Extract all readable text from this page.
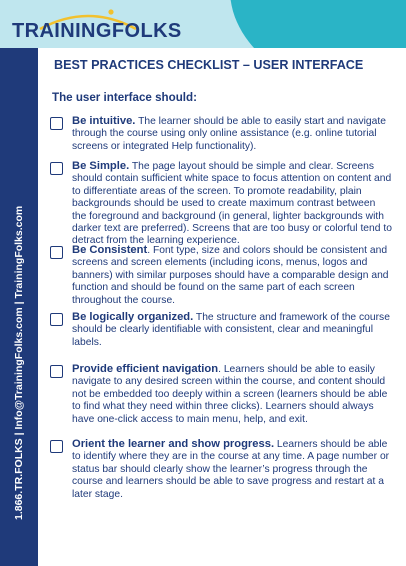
TRAININGFOLKS
1.866.TR.FOLKS | Info@TrainingFolks.com | TrainingFolks.com
BEST PRACTICES CHECKLIST – USER INTERFACE
The user interface should:
Be intuitive. The learner should be able to easily start and navigate through the course using only online assistance (e.g. online tutorial screens or integrated Help functionality).
Be Simple. The page layout should be simple and clear. Screens should contain sufficient white space to focus attention on content and to differentiate areas of the screen. To promote readability, plain backgrounds should be used to create maximum contrast between the foreground and background (in general, lighter backgrounds with darker text are preferred). Screens that are too busy or colorful tend to detract from the learning experience.
Be Consistent. Font type, size and colors should be consistent and screens and screen elements (including icons, menus, logos and banners) with similar purposes should have a comparable design and function and should be found on the same part of each screen throughout the course.
Be logically organized. The structure and framework of the course should be clearly identifiable with consistent, clear and meaningful labels.
Provide efficient navigation. Learners should be able to easily navigate to any desired screen within the course, and content should not be embedded too deeply within a screen (learners should be able to find what they need within three clicks). Learners should always have one-click access to main menu, help, and exit.
Orient the learner and show progress. Learners should be able to identify where they are in the course at any time. A page number or status bar should clearly show the learner’s progress through the course and learners should be able to save progress and restart at a later stage.
